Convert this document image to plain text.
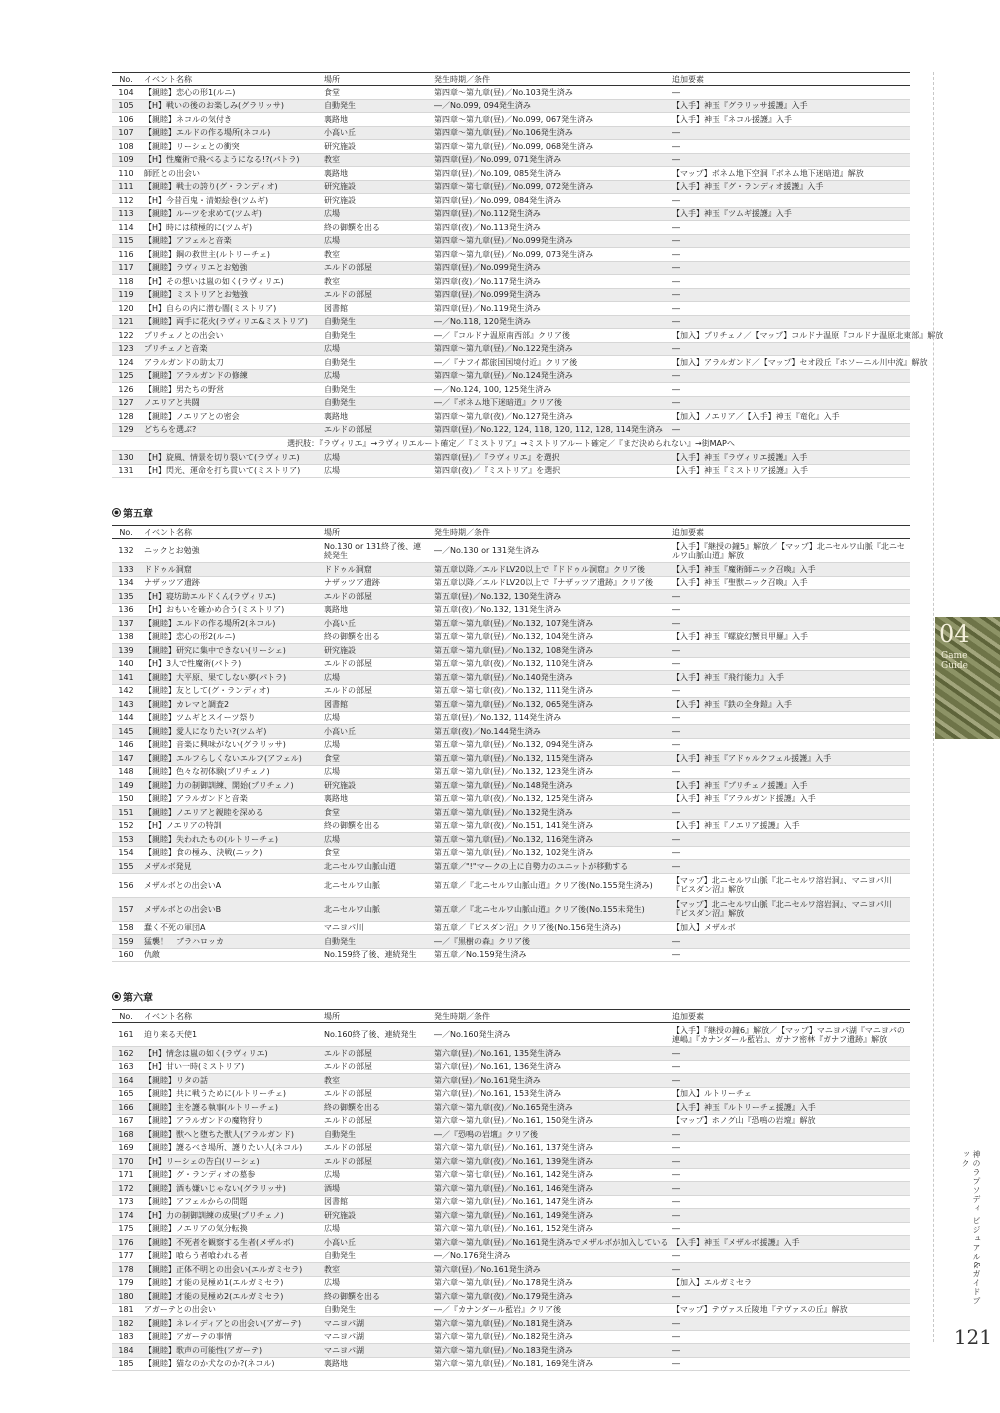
No.	イベント名称	場所	発生時期／条件	追加要素
104	【親睦】恋心の形1(ルニ)	食堂	第四章～第九章(昼)／No.103発生済み	―
105	【H】戦いの後のお楽しみ(グラリッサ)	自動発生	―／No.099, 094発生済み	【入手】神玉『グラリッサ援護』入手
106	【親睦】ネコルの気付き	裏路地	第四章～第九章(昼)／No.099, 067発生済み	【入手】神玉『ネコル援護』入手
107	【親睦】エルドの作る場所(ネコル)	小高い丘	第四章～第九章(昼)／No.106発生済み	―
108	【親睦】リーシェとの衝突	研究施設	第四章～第九章(昼)／No.099, 068発生済み	―
109	【H】性魔術で飛べるようになる!?(パトラ)	教室	第四章(昼)／No.099, 071発生済み	―
110	師匠との出会い	裏路地	第四章(昼)／No.109, 085発生済み	【マップ】ボネム地下空洞『ボネム地下迷暗道』解放
111	【親睦】戦士の誇り(グ・ランディオ)	研究施設	第四章～第七章(昼)／No.099, 072発生済み	【入手】神玉『グ・ランディオ援護』入手
112	【H】今昔百鬼・清姫絵巻(ツムギ)	研究施設	第四章(昼)／No.099, 084発生済み	―
113	【親睦】ルーツを求めて(ツムギ)	広場	第四章(昼)／No.112発生済み	【入手】神玉『ツムギ援護』入手
114	【H】時には積極的に(ツムギ)	終の御饌を出る	第四章(夜)／No.113発生済み	―
115	【親睦】アフェルと音楽	広場	第四章～第九章(昼)／No.099発生済み	―
116	【親睦】鋼の救世主(ルトリーチェ)	教室	第四章～第九章(昼)／No.099, 073発生済み	―
117	【親睦】ラヴィリエとお勉強	エルドの部屋	第四章(昼)／No.099発生済み	―
118	【H】その想いは嵐の如く(ラヴィリエ)	教室	第四章(夜)／No.117発生済み	―
119	【親睦】ミストリアとお勉強	エルドの部屋	第四章(昼)／No.099発生済み	―
120	【H】自らの内に潜む闇(ミストリア)	図書館	第四章(昼)／No.119発生済み	―
121	【親睦】両手に花火(ラヴィリエ&ミストリア)	自動発生	―／No.118, 120発生済み	―
122	プリチェノとの出会い	自動発生	―／『コルドナ温原南西部』クリア後	【加入】プリチェノ／【マップ】コルドナ温原『コルドナ温原北東部』解放
123	プリチェノと音楽	広場	第四章～第九章(昼)／No.122発生済み	―
124	アラルガンドの助太刀	自動発生	―／『ナフイ都旅国国境付近』クリア後	【加入】アラルガンド／【マップ】セオ段丘『ホソーニル川中流』解放
125	【親睦】アラルガンドの修練	広場	第四章～第九章(昼)／No.124発生済み	―
126	【親睦】男たちの野営	自動発生	―／No.124, 100, 125発生済み	―
127	ノエリアと共闘	自動発生	―／『ボネム地下迷暗道』クリア後	―
128	【親睦】ノエリアとの密会	裏路地	第四章～第九章(夜)／No.127発生済み	【加入】ノエリア／【入手】神玉『竜化』入手
129	どちらを選ぶ?	エルドの部屋	第四章(昼)／No.122, 124, 118, 120, 112, 128, 114発生済み	―
選択肢：『ラヴィリエ』→ラヴィリエルート確定／『ミストリア』→ミストリアルート確定／『まだ決められない』→街MAPへ				
130	【H】旋風、情景を切り裂いて(ラヴィリエ)	広場	第四章(昼)／『ラヴィリエ』を選択	【入手】神玉『ラヴィリエ援護』入手
131	【H】閃光、運命を打ち貫いて(ミストリア)	広場	第四章(夜)／『ミストリア』を選択	【入手】神玉『ミストリア援護』入手
第五章
No.	イベント名称	場所	発生時期／条件	追加要素
132	ニックとお勉強	No.130 or 131終了後、連続発生	―／No.130 or 131発生済み	【入手】『継授の鐘5』解放／【マップ】北ニセルワ山脈『北ニセルワ山脈山道』解放
133	ドドゥル洞窟	ドドゥル洞窟	第五章以降／エルドLV20以上で『ドドゥル洞窟』クリア後	【入手】神玉『魔術師ニック召喚』入手
134	ナザッツア遺跡	ナザッツア遺跡	第五章以降／エルドLV20以上で『ナザッツア遺跡』クリア後	【入手】神玉『聖獣ニック召喚』入手
135	【H】寝坊助エルドくん(ラヴィリエ)	エルドの部屋	第五章(昼)／No.132, 130発生済み	―
136	【H】おもいを確かめ合う(ミストリア)	裏路地	第五章(夜)／No.132, 131発生済み	―
137	【親睦】エルドの作る場所2(ネコル)	小高い丘	第五章～第九章(昼)／No.132, 107発生済み	―
138	【親睦】恋心の形2(ルニ)	終の御饌を出る	第五章～第九章(昼)／No.132, 104発生済み	【入手】神玉『螺旋幻蟹貝甲羅』入手
139	【親睦】研究に集中できない(リーシェ)	研究施設	第五章～第九章(昼)／No.132, 108発生済み	―
140	【H】3人で性魔術(パトラ)	エルドの部屋	第五章～第九章(夜)／No.132, 110発生済み	―
141	【親睦】大平原、果てしない夢(パトラ)	広場	第五章～第九章(昼)／No.140発生済み	【入手】神玉『飛行能力』入手
142	【親睦】友として(グ・ランディオ)	エルドの部屋	第五章～第七章(夜)／No.132, 111発生済み	―
143	【親睦】カレマと調査2	図書館	第五章～第九章(昼)／No.132, 065発生済み	【入手】神玉『鉄の全身鎧』入手
144	【親睦】ツムギとスイーツ祭り	広場	第五章(昼)／No.132, 114発生済み	―
145	【親睦】愛人になりたい?(ツムギ)	小高い丘	第五章(夜)／No.144発生済み	―
146	【親睦】音楽に興味がない(グラリッサ)	広場	第五章～第九章(昼)／No.132, 094発生済み	―
147	【親睦】エルフらしくないエルフ(アフェル)	食堂	第五章～第九章(昼)／No.132, 115発生済み	【入手】神玉『アドゥルクフェル援護』入手
148	【親睦】色々な初体験(プリチェノ)	広場	第五章～第九章(昼)／No.132, 123発生済み	―
149	【親睦】力の制御訓練、開始(プリチェノ)	研究施設	第五章～第九章(昼)／No.148発生済み	【入手】神玉『プリチェノ援護』入手
150	【親睦】アラルガンドと音楽	裏路地	第五章～第九章(夜)／No.132, 125発生済み	【入手】神玉『アラルガンド援護』入手
151	【親睦】ノエリアと親睦を深める	食堂	第五章～第九章(昼)／No.132発生済み	―
152	【H】ノエリアの特訓	終の御饌を出る	第五章～第九章(夜)／No.151, 141発生済み	【入手】神玉『ノエリア援護』入手
153	【親睦】失われたもの(ルトリーチェ)	広場	第五章～第九章(昼)／No.132, 116発生済み	―
154	【親睦】食の極み、決戦(ニック)	食堂	第五章～第九章(昼)／No.132, 102発生済み	―
155	メザルボ発見	北ニセルワ山脈山道	第五章／"!"マークの上に自勢力のユニットが移動する	―
156	メザルボとの出会いA	北ニセルワ山脈	第五章／『北ニセルワ山脈山道』クリア後(No.155発生済み)	【マップ】北ニセルワ山脈『北ニセルワ溶岩洞』、マニヨパ川『ビスダン沼』解放
157	メザルボとの出会いB	北ニセルワ山脈	第五章／『北ニセルワ山脈山道』クリア後(No.155未発生)	【マップ】北ニセルワ山脈『北ニセルワ溶岩洞』、マニヨパ川『ビスダン沼』解放
158	蠢く不死の軍団A	マニヨパ川	第五章／『ビスダン沼』クリア後(No.156発生済み)	【加入】メザルボ
159	猛襲！　ブラハロッカ	自動発生	―／『黒樹の森』クリア後	―
160	仇敵	No.159終了後、連続発生	第五章／No.159発生済み	―
第六章
No.	イベント名称	場所	発生時期／条件	追加要素
161	迫り来る天使1	No.160終了後、連続発生	―／No.160発生済み	【入手】『継授の鐘6』解放／【マップ】マニヨパ湖『マニヨパの連嶋』『カナンダール藍岩』、ガナフ密林『ガナフ遺跡』解放
162	【H】情念は嵐の如く(ラヴィリエ)	エルドの部屋	第六章(昼)／No.161, 135発生済み	―
163	【H】甘い一時(ミストリア)	エルドの部屋	第六章(昼)／No.161, 136発生済み	―
164	【親睦】リタの話	教室	第六章(昼)／No.161発生済み	―
165	【親睦】共に戦うために(ルトリーチェ)	エルドの部屋	第六章(昼)／No.161, 153発生済み	【加入】ルトリーチェ
166	【親睦】主を護る執事(ルトリーチェ)	終の御饌を出る	第六章～第九章(夜)／No.165発生済み	【入手】神玉『ルトリーチェ援護』入手
167	【親睦】アラルガンドの魔物狩り	エルドの部屋	第六章～第九章(昼)／No.161, 150発生済み	【マップ】ホノグ山『恐鳴の岩壇』解放
168	【親睦】獣へと堕ちた獣人(アラルガンド)	自動発生	―／『恐鳴の岩壇』クリア後	―
169	【親睦】護るべき場所、護りたい人(ネコル)	エルドの部屋	第六章～第九章(昼)／No.161, 137発生済み	―
170	【H】リーシェの告白(リーシェ)	エルドの部屋	第六章～第九章(夜)／No.161, 139発生済み	―
171	【親睦】グ・ランディオの墓参	広場	第六章～第七章(昼)／No.161, 142発生済み	―
172	【親睦】酒も嫌いじゃない(グラリッサ)	酒場	第六章～第九章(昼)／No.161, 146発生済み	―
173	【親睦】アフェルからの問題	図書館	第六章～第九章(昼)／No.161, 147発生済み	―
174	【H】力の制御訓練の成果(プリチェノ)	研究施設	第六章～第九章(昼)／No.161, 149発生済み	―
175	【親睦】ノエリアの気分転換	広場	第六章～第九章(昼)／No.161, 152発生済み	―
176	【親睦】不死者を観察する生者(メザルボ)	小高い丘	第六章～第九章(昼)／No.161発生済みでメザルボが加入している	【入手】神玉『メザルボ援護』入手
177	【親睦】喰らう者喰われる者	自動発生	―／No.176発生済み	―
178	【親睦】正体不明との出会い(エルガミセラ)	教室	第六章(昼)／No.161発生済み	―
179	【親睦】才能の見極め1(エルガミセラ)	広場	第六章～第九章(昼)／No.178発生済み	【加入】エルガミセラ
180	【親睦】才能の見極め2(エルガミセラ)	終の御饌を出る	第六章～第九章(夜)／No.179発生済み	―
181	アガーテとの出会い	自動発生	―／『カナンダール藍岩』クリア後	【マップ】テヴァス丘陵地『テヴァスの丘』解放
182	【親睦】ネレイディアとの出会い(アガーテ)	マニヨパ湖	第六章～第九章(昼)／No.181発生済み	―
183	【親睦】アガーテの事情	マニヨパ湖	第六章～第九章(昼)／No.182発生済み	―
184	【親睦】歌声の可能性(アガーテ)	マニヨパ湖	第六章～第九章(昼)／No.183発生済み	―
185	【親睦】猫なのか犬なのか?(ネコル)	裏路地	第六章～第九章(昼)／No.181, 169発生済み	―
04
Game
Guide
神のラプソディ ビジュアル&ガイドブック
121
